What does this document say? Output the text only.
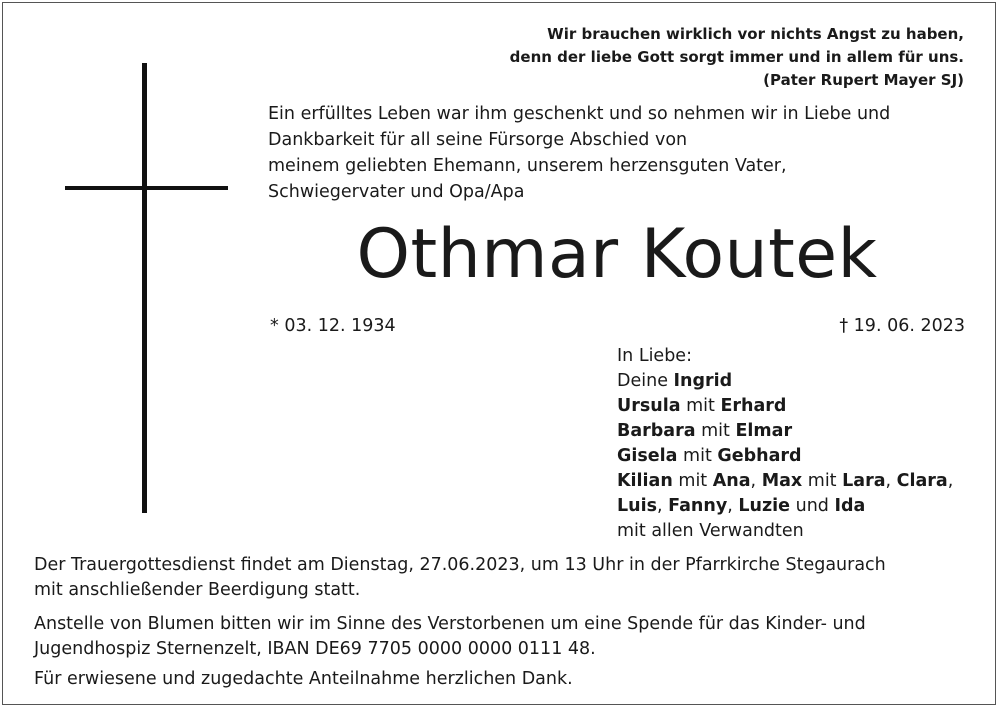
Wir brauchen wirklich vor nichts Angst zu haben,
denn der liebe Gott sorgt immer und in allem für uns.
(Pater Rupert Mayer SJ)
Ein erfülltes Leben war ihm geschenkt und so nehmen wir in Liebe und
Dankbarkeit für all seine Fürsorge Abschied von
meinem geliebten Ehemann, unserem herzensguten Vater,
Schwiegervater und Opa/Apa
Othmar Koutek
* 03. 12. 1934	† 19. 06. 2023
In Liebe:
Deine Ingrid
Ursula mit Erhard
Barbara mit Elmar
Gisela mit Gebhard
Kilian mit Ana, Max mit Lara, Clara,
Luis, Fanny, Luzie und Ida
mit allen Verwandten
Der Trauergottesdienst findet am Dienstag, 27.06.2023, um 13 Uhr in der Pfarrkirche Stegaurach
mit anschließender Beerdigung statt.
Anstelle von Blumen bitten wir im Sinne des Verstorbenen um eine Spende für das Kinder- und
Jugendhospiz Sternenzelt, IBAN DE69 7705 0000 0000 0111 48.
Für erwiesene und zugedachte Anteilnahme herzlichen Dank.
